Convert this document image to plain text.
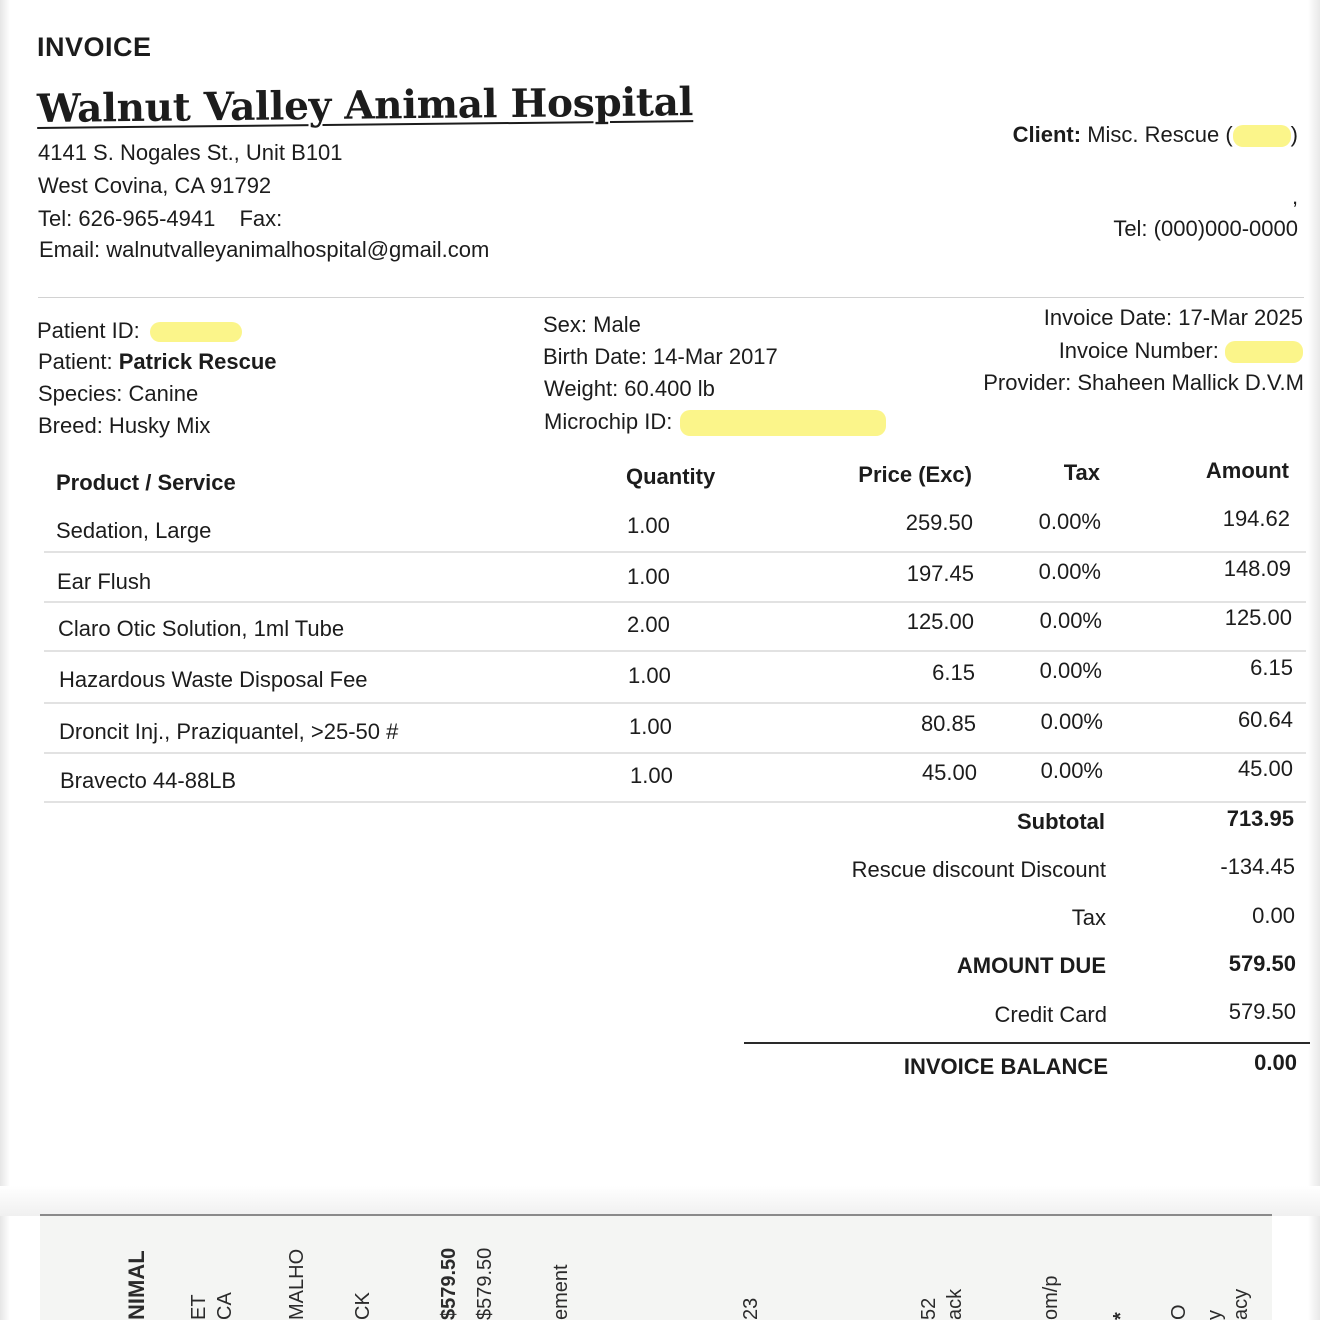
INVOICE
Walnut Valley Animal Hospital
4141 S. Nogales St., Unit B101
West Covina, CA 91792
Tel: 626-965-4941 Fax:
Email: walnutvalleyanimalhospital@gmail.com
Client: Misc. Rescue (	)
,
Tel: (000)000-0000
Patient ID:
Patient: Patrick Rescue
Species: Canine
Breed: Husky Mix
Sex: Male
Birth Date: 14-Mar 2017
Weight: 60.400 lb
Microchip ID:
Invoice Date: 17-Mar 2025
Invoice Number:
Provider: Shaheen Mallick D.V.M
Product / Service	Quantity	Price (Exc)	Tax	Amount
Sedation, Large	1.00	259.50	0.00%	194.62
Ear Flush	1.00	197.45	0.00%	148.09
Claro Otic Solution, 1ml Tube	2.00	125.00	0.00%	125.00
Hazardous Waste Disposal Fee	1.00	6.15	0.00%	6.15
Droncit Inj., Praziquantel, >25-50 #	1.00	80.85	0.00%	60.64
Bravecto 44-88LB	1.00	45.00	0.00%	45.00
Subtotal	713.95
Rescue discount Discount	-134.45
Tax	0.00
AMOUNT DUE	579.50
Credit Card	579.50
INVOICE BALANCE	0.00
NIMAL ET CA	MALHO CK	$579.50 $579.50	ement	23	52 ack	om/p * O y acy
